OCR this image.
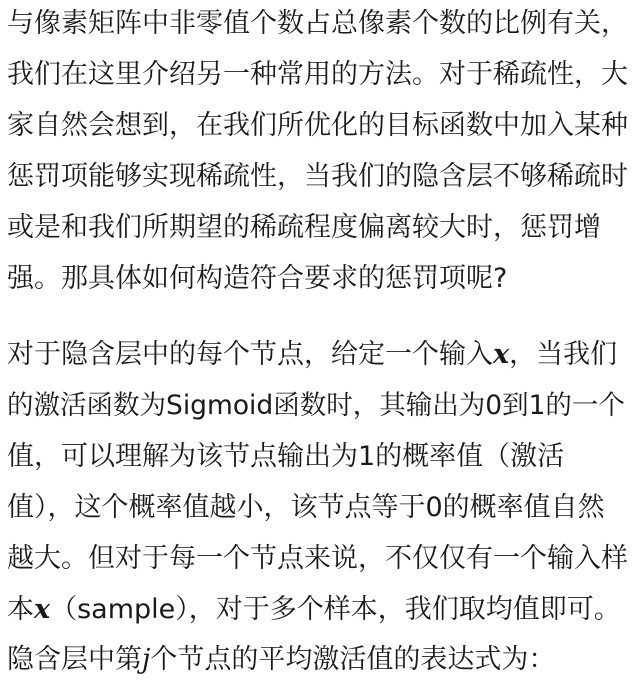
与像素矩阵中非零值个数占总像素个数的比例有关，
我们在这里介绍另一种常用的方法。对于稀疏性，大
家自然会想到，在我们所优化的目标函数中加入某种
惩罚项能够实现稀疏性，当我们的隐含层不够稀疏时
或是和我们所期望的稀疏程度偏离较大时，惩罚增
强。那具体如何构造符合要求的惩罚项呢?
对于隐含层中的每个节点，给定一个输入x，当我们
的激活函数为Sigmoid函数时，其输出为0到1的一个
值，可以理解为该节点输出为1的概率值（激活
值），这个概率值越小，该节点等于0的概率值自然
越大。但对于每一个节点来说，不仅仅有一个输入样
本x（sample），对于多个样本，我们取均值即可。
隐含层中第j个节点的平均激活值的表达式为：
